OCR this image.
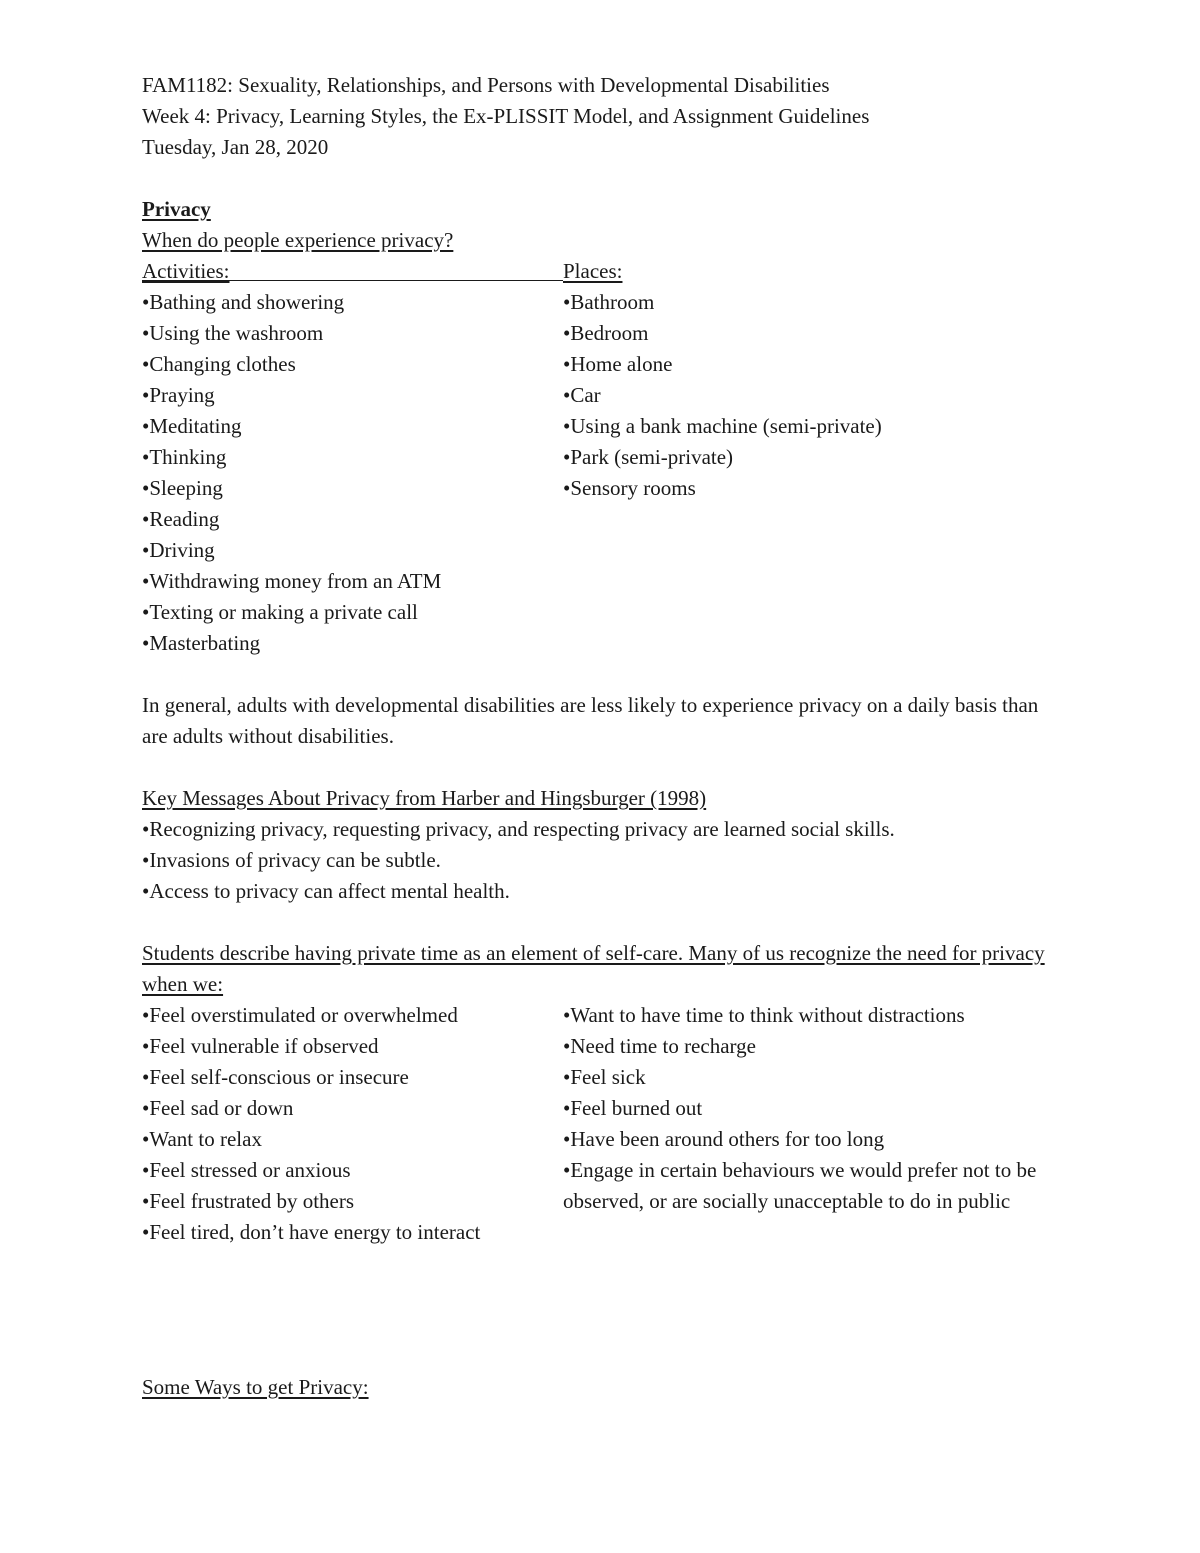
FAM1182: Sexuality, Relationships, and Persons with Developmental Disabilities
Week 4: Privacy, Learning Styles, the Ex-PLISSIT Model, and Assignment Guidelines
Tuesday, Jan 28, 2020
Privacy
When do people experience privacy?
Activities:	Places:
•Bathing and showering
•Using the washroom
•Changing clothes
•Praying
•Meditating
•Thinking
•Sleeping
•Reading
•Driving
•Withdrawing money from an ATM
•Texting or making a private call
•Masterbating
•Bathroom
•Bedroom
•Home alone
•Car
•Using a bank machine (semi-private)
•Park (semi-private)
•Sensory rooms
In general, adults with developmental disabilities are less likely to experience privacy on a daily basis than are adults without disabilities.
Key Messages About Privacy from Harber and Hingsburger (1998)
•Recognizing privacy, requesting privacy, and respecting privacy are learned social skills.
•Invasions of privacy can be subtle.
•Access to privacy can affect mental health.
Students describe having private time as an element of self-care. Many of us recognize the need for privacy when we:
•Feel overstimulated or overwhelmed
•Feel vulnerable if observed
•Feel self-conscious or insecure
•Feel sad or down
•Want to relax
•Feel stressed or anxious
•Feel frustrated by others
•Feel tired, don’t have energy to interact
•Want to have time to think without distractions
•Need time to recharge
•Feel sick
•Feel burned out
•Have been around others for too long
•Engage in certain behaviours we would prefer not to be observed, or are socially unacceptable to do in public
Some Ways to get Privacy:
